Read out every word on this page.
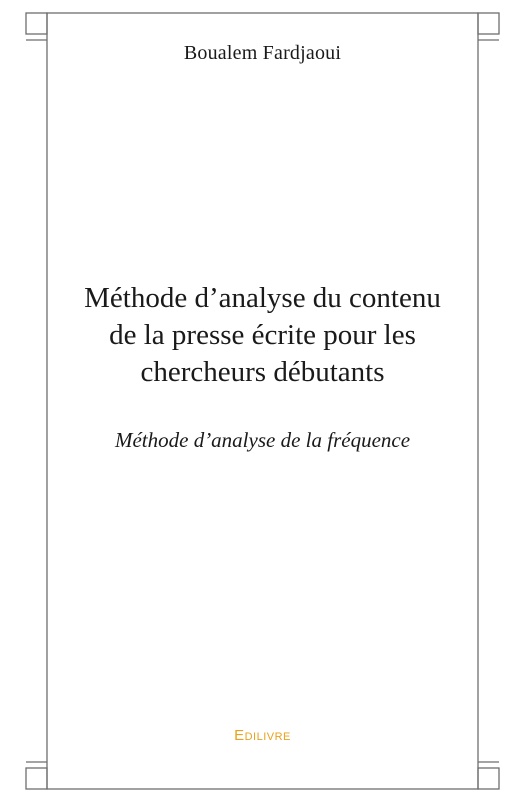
Boualem Fardjaoui
Méthode d’analyse du contenu
de la presse écrite pour les
chercheurs débutants
Méthode d’analyse de la fréquence
Edilivre
